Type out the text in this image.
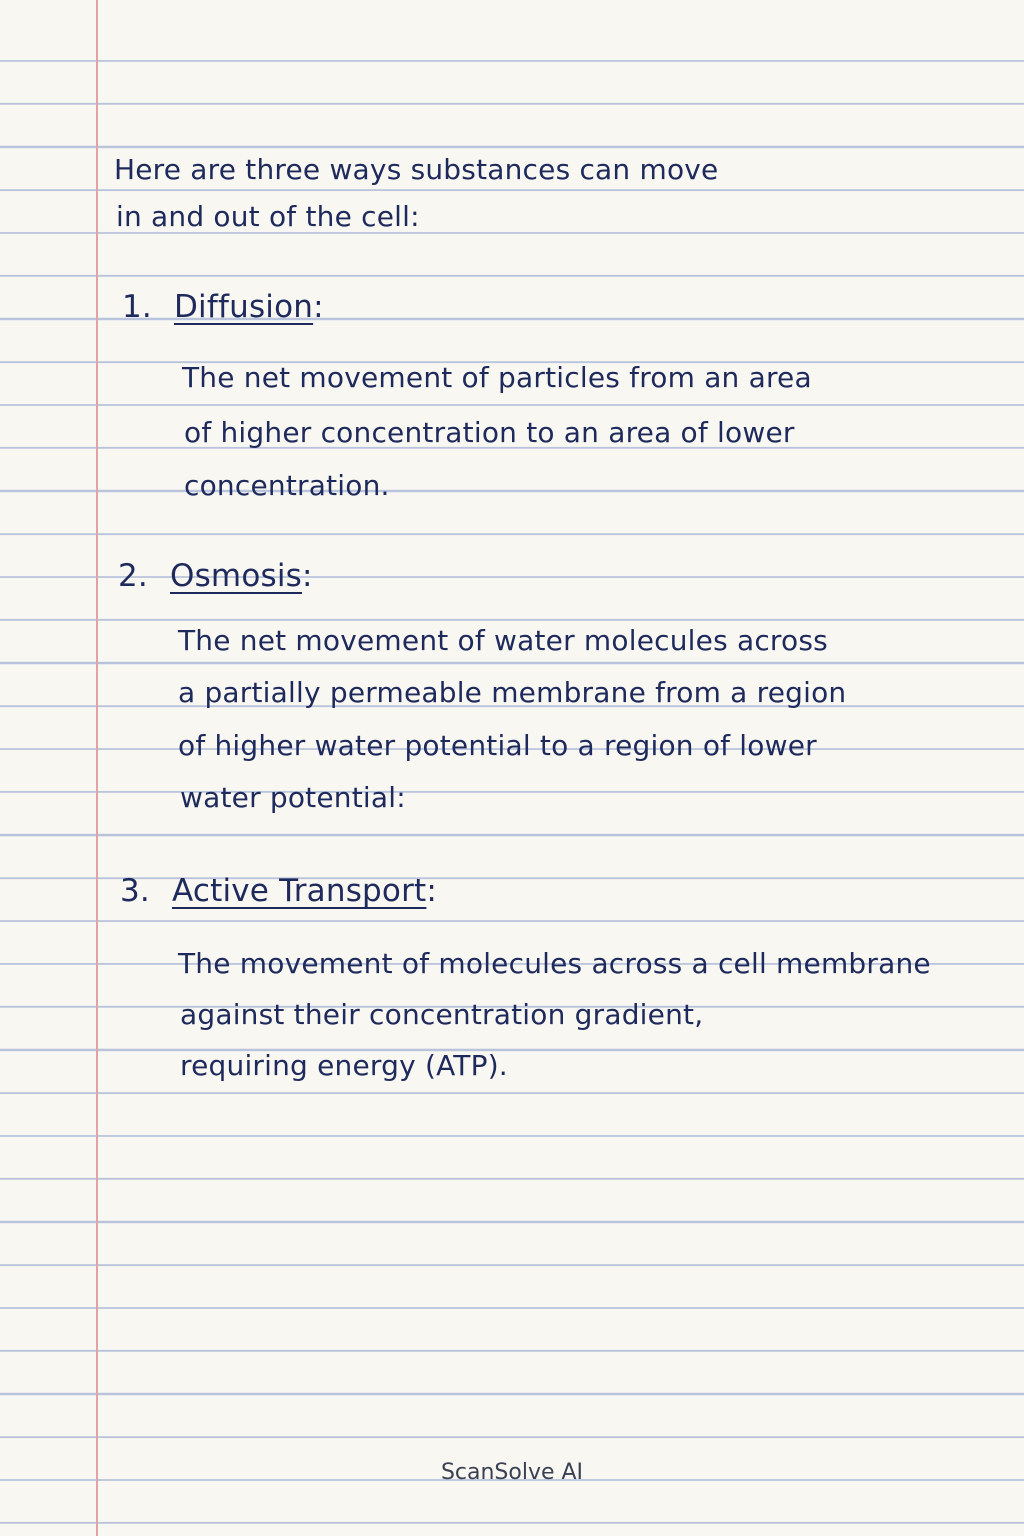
Here are three ways substances can move

in and out of the cell:

1. Diffusion:

The net movement of particles from an area

of higher concentration to an area of lower

concentration.

2. Osmosis:

The net movement of water molecules across

a partially permeable membrane from a region

of higher water potential to a region of lower

water potential:

3. Active Transport:

The movement of molecules across a cell membrane

against their concentration gradient,

requiring energy (ATP).

ScanSolve AI
